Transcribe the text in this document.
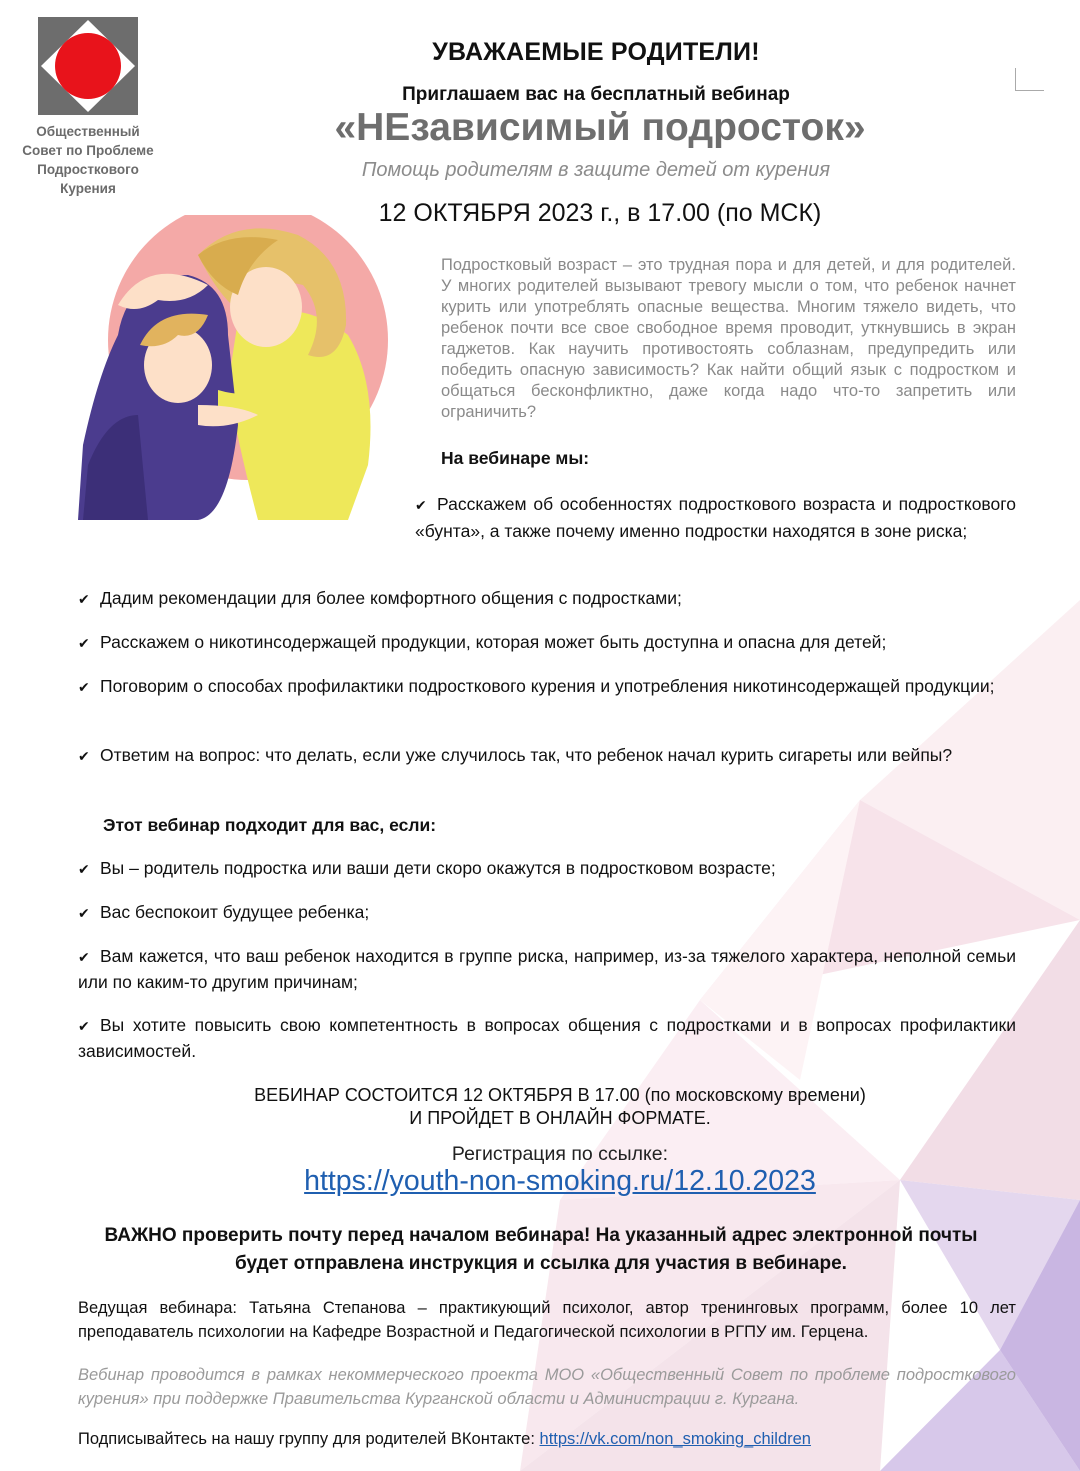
Общественный
Совет по Проблеме
Подросткового
Курения
УВАЖАЕМЫЕ РОДИТЕЛИ!
Приглашаем вас на бесплатный вебинар
«НЕзависимый подросток»
Помощь родителям в защите детей от курения
12 ОКТЯБРЯ 2023 г., в 17.00 (по МСК)
Подростковый возраст – это трудная пора и для детей, и для родителей. У многих родителей вызывают тревогу мысли о том, что ребенок начнет курить или употреблять опасные вещества. Многим тяжело видеть, что ребенок почти все свое свободное время проводит, уткнувшись в экран гаджетов. Как научить противостоять соблазнам, предупредить или победить опасную зависимость? Как найти общий язык с подростком и общаться бесконфликтно, даже когда надо что-то запретить или ограничить?
На вебинаре мы:
✔ Расскажем об особенностях подросткового возраста и подросткового «бунта», а также почему именно подростки находятся в зоне риска;
✔ Дадим рекомендации для более комфортного общения с подростками;
✔ Расскажем о никотинсодержащей продукции, которая может быть доступна и опасна для детей;
✔ Поговорим о способах профилактики подросткового курения и употребления никотинсодержащей продукции;
✔ Ответим на вопрос: что делать, если уже случилось так, что ребенок начал курить сигареты или вейпы?
Этот вебинар подходит для вас, если:
✔ Вы – родитель подростка или ваши дети скоро окажутся в подростковом возрасте;
✔ Вас беспокоит будущее ребенка;
✔ Вам кажется, что ваш ребенок находится в группе риска, например, из-за тяжелого характера, неполной семьи или по каким-то другим причинам;
✔ Вы хотите повысить свою компетентность в вопросах общения с подростками и в вопросах профилактики зависимостей.
ВЕБИНАР СОСТОИТСЯ 12 ОКТЯБРЯ В 17.00 (по московскому времени)
И ПРОЙДЕТ В ОНЛАЙН ФОРМАТЕ.
Регистрация по ссылке:
https://youth-non-smoking.ru/12.10.2023
ВАЖНО проверить почту перед началом вебинара! На указанный адрес электронной почты
будет отправлена инструкция и ссылка для участия в вебинаре.
Ведущая вебинара: Татьяна Степанова – практикующий психолог, автор тренинговых программ, более 10 лет преподаватель психологии на Кафедре Возрастной и Педагогической психологии в РГПУ им. Герцена.
Вебинар проводится в рамках некоммерческого проекта МОО «Общественный Совет по проблеме подросткового курения» при поддержке Правительства Курганской области и Администрации г. Кургана.
Подписывайтесь на нашу группу для родителей ВКонтакте: https://vk.com/non_smoking_children
